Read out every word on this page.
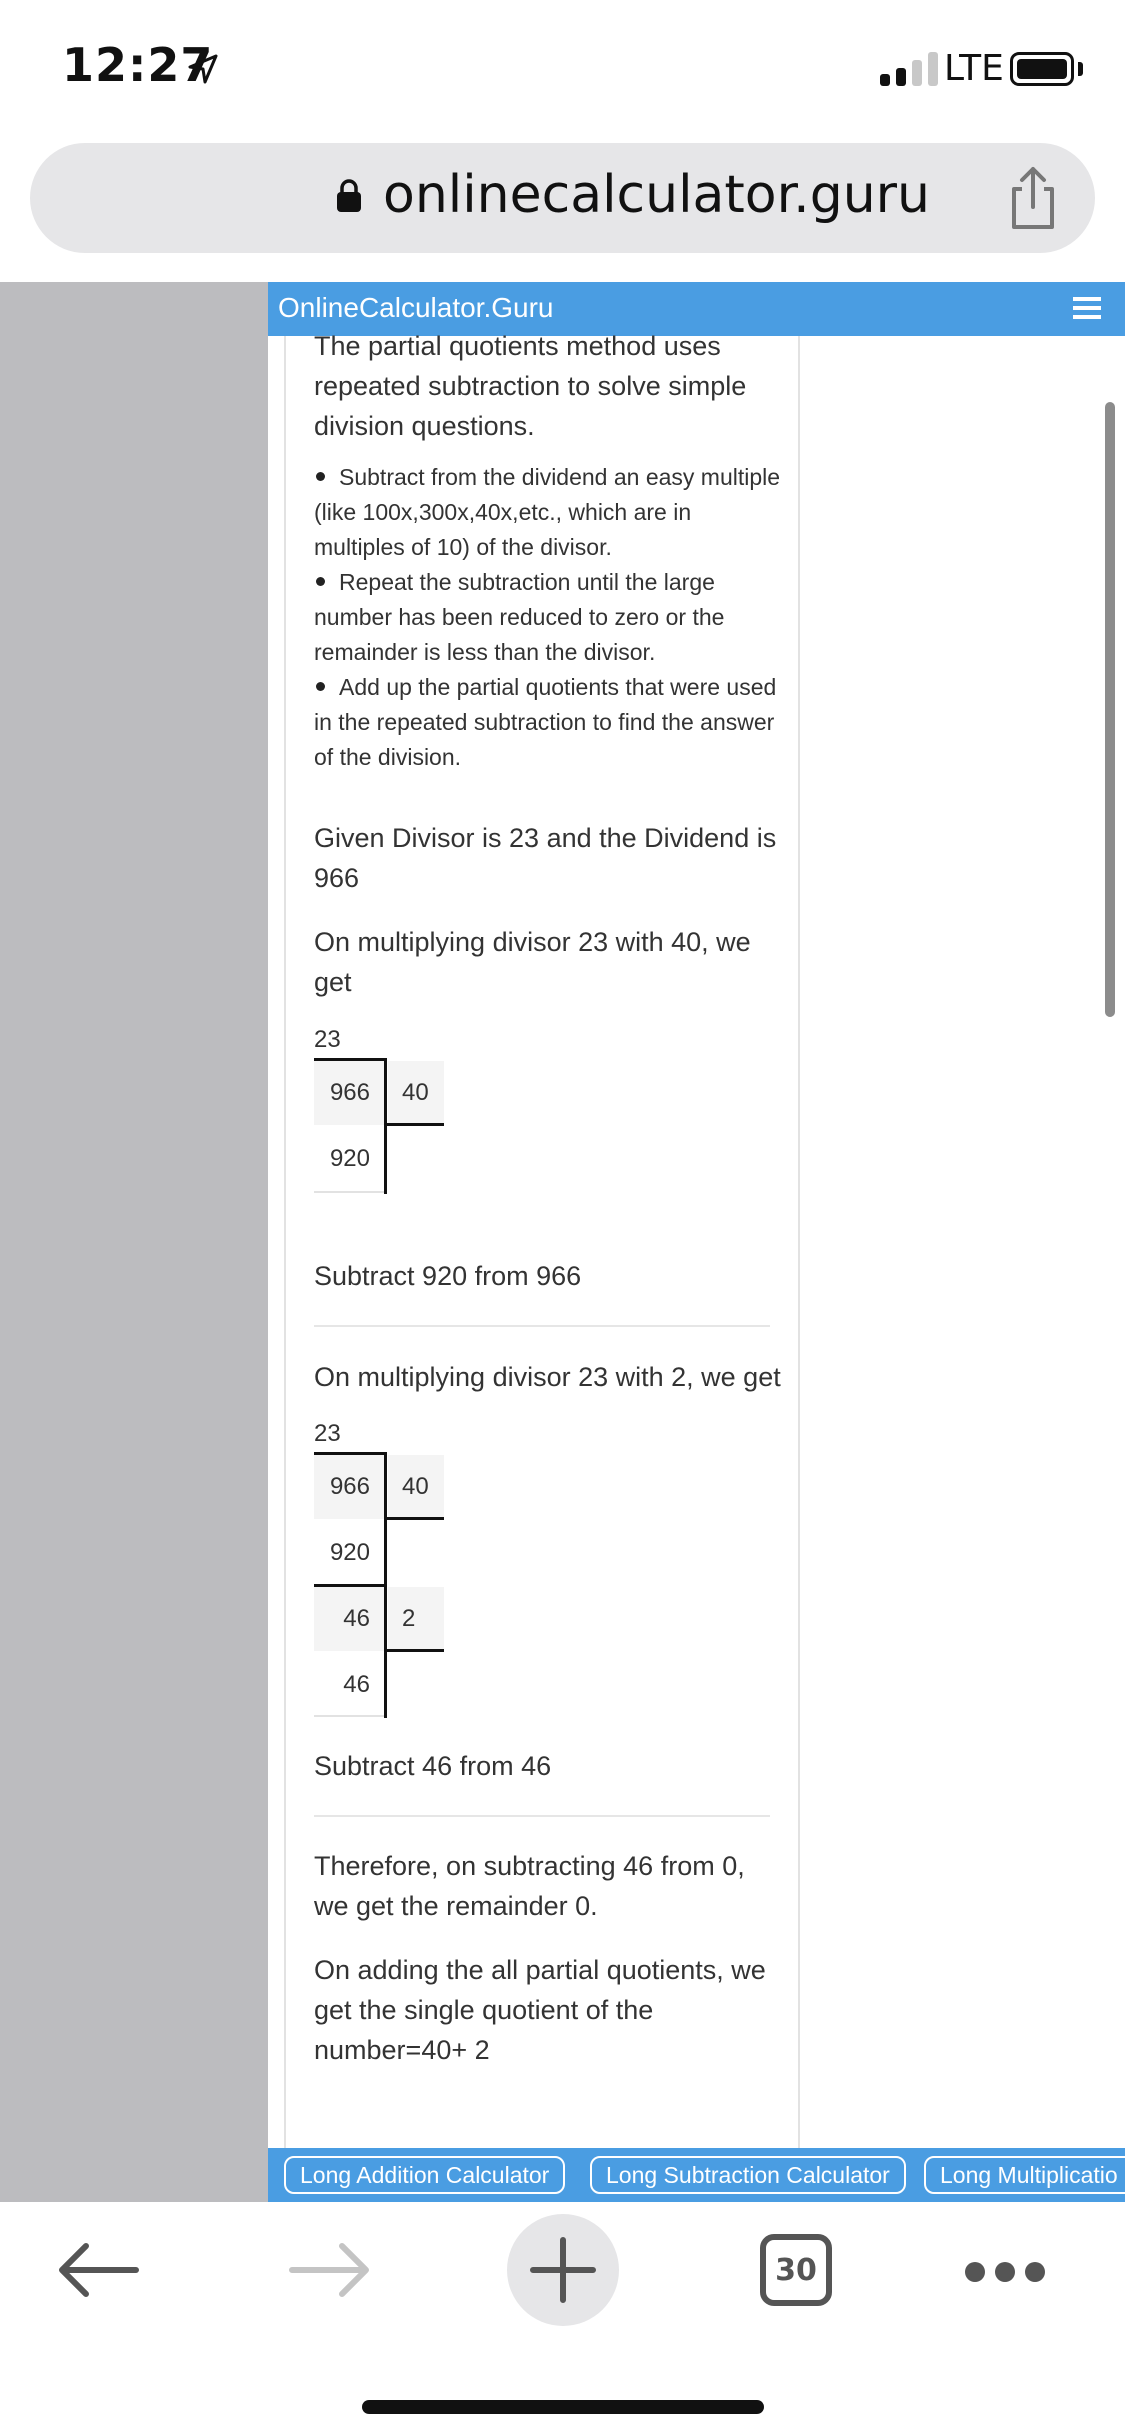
12:27	LTE
onlinecalculator.guru
OnlineCalculator.Guru
The partial quotients method uses repeated subtraction to solve simple division questions.
Subtract from the dividend an easy multiple (like 100x,300x,40x,etc., which are in multiples of 10) of the divisor.
Repeat the subtraction until the large number has been reduced to zero or the remainder is less than the divisor.
Add up the partial quotients that were used in the repeated subtraction to find the answer of the division.
Given Divisor is 23 and the Dividend is 966
On multiplying divisor 23 with 40, we get
23
966	40
920
Subtract 920 from 966
On multiplying divisor 23 with 2, we get
23
966	40
920
46	2
46
Subtract 46 from 46
Therefore, on subtracting 46 from 0, we get the remainder 0.
On adding the all partial quotients, we get the single quotient of the number=40+ 2
Long Addition Calculator	Long Subtraction Calculator	Long Multiplicatio
30
